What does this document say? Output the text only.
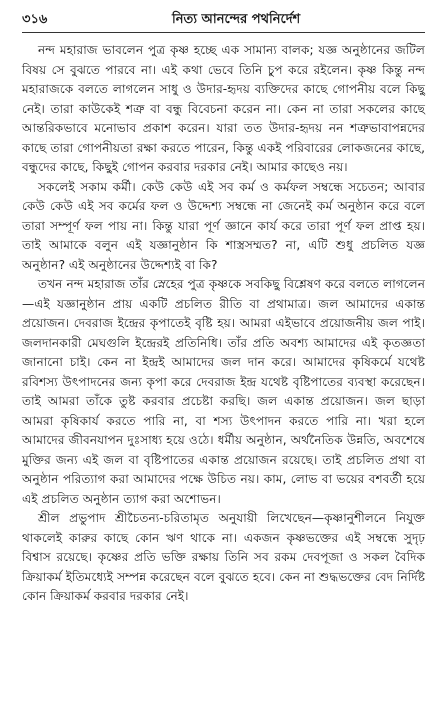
৩১৬	নিত্য আনন্দের পথনির্দেশ

নন্দ মহারাজ ভাবলেন পুত্র কৃষ্ণ হচ্ছে এক সামান্য বালক; যজ্ঞ অনুষ্ঠানের জটিল বিষয় সে বুঝতে পারবে না। এই কথা ভেবে তিনি চুপ করে রইলেন। কৃষ্ণ কিন্তু নন্দ মহারাজকে বলতে লাগলেন সাধু ও উদার-হৃদয় ব্যক্তিদের কাছে গোপনীয় বলে কিছু নেই। তারা কাউকেই শত্রু বা বন্ধু বিবেচনা করেন না। কেন না তারা সকলের কাছে আন্তরিকভাবে মনোভাব প্রকাশ করেন। যারা তত উদার-হৃদয় নন শত্রুভাবাপন্নদের কাছে তারা গোপনীয়তা রক্ষা করতে পারেন, কিন্তু একই পরিবারের লোকজনের কাছে, বন্ধুদের কাছে, কিছুই গোপন করবার দরকার নেই। আমার কাছেও নয়।

সকলেই সকাম কর্মী। কেউ কেউ এই সব কর্ম ও কর্মফল সম্বন্ধে সচেতন; আবার কেউ কেউ এই সব কর্মের ফল ও উদ্দেশ্য সম্বন্ধে না জেনেই কর্ম অনুষ্ঠান করে বলে তারা সম্পূর্ণ ফল পায় না। কিন্তু যারা পূর্ণ জ্ঞানে কার্য করে তারা পূর্ণ ফল প্রাপ্ত হয়। তাই আমাকে বলুন এই যজ্ঞানুষ্ঠান কি শাস্ত্রসম্মত? না, এটি শুধু প্রচলিত যজ্ঞ অনুষ্ঠান? এই অনুষ্ঠানের উদ্দেশ্যই বা কি?

তখন নন্দ মহারাজ তাঁর স্নেহের পুত্র কৃষ্ণকে সবকিছু বিশ্লেষণ করে বলতে লাগলেন—এই যজ্ঞানুষ্ঠান প্রায় একটি প্রচলিত রীতি বা প্রথামাত্র। জল আমাদের একান্ত প্রয়োজন। দেবরাজ ইন্দ্রের কৃপাতেই বৃষ্টি হয়। আমরা এইভাবে প্রয়োজনীয় জল পাই। জলদানকারী মেঘগুলি ইন্দ্রেরই প্রতিনিধি। তাঁর প্রতি অবশ্য আমাদের এই কৃতজ্ঞতা জানানো চাই। কেন না ইন্দ্রই আমাদের জল দান করে। আমাদের কৃষিকর্মে যথেষ্ট রবিশস্য উৎপাদনের জন্য কৃপা করে দেবরাজ ইন্দ্র যথেষ্ট বৃষ্টিপাতের ব্যবস্থা করেছেন। তাই আমরা তাঁকে তুষ্ট করবার প্রচেষ্টা করছি। জল একান্ত প্রয়োজন। জল ছাড়া আমরা কৃষিকার্য করতে পারি না, বা শস্য উৎপাদন করতে পারি না। খরা হলে আমাদের জীবনযাপন দুঃসাধ্য হয়ে ওঠে। ধর্মীয় অনুষ্ঠান, অর্থনৈতিক উন্নতি, অবশেষে মুক্তির জন্য এই জল বা বৃষ্টিপাতের একান্ত প্রয়োজন রয়েছে। তাই প্রচলিত প্রথা বা অনুষ্ঠান পরিত্যাগ করা আমাদের পক্ষে উচিত নয়। কাম, লোভ বা ভয়ের বশবর্তী হয়ে এই প্রচলিত অনুষ্ঠান ত্যাগ করা অশোভন।

শ্রীল প্রভুপাদ শ্রীচৈতন্য-চরিতামৃত অনুযায়ী লিখেছেন—কৃষ্ণানুশীলনে নিযুক্ত থাকলেই কারুর কাছে কোন ঋণ থাকে না। একজন কৃষ্ণভক্তের এই সম্বন্ধে সুদৃঢ় বিশ্বাস রয়েছে। কৃষ্ণের প্রতি ভক্তি রক্ষায় তিনি সব রকম দেবপূজা ও সকল বৈদিক ক্রিয়াকর্ম ইতিমধ্যেই সম্পন্ন করেছেন বলে বুঝতে হবে। কেন না শুদ্ধভক্তের বেদ নির্দিষ্ট কোন ক্রিয়াকর্ম করবার দরকার নেই।
